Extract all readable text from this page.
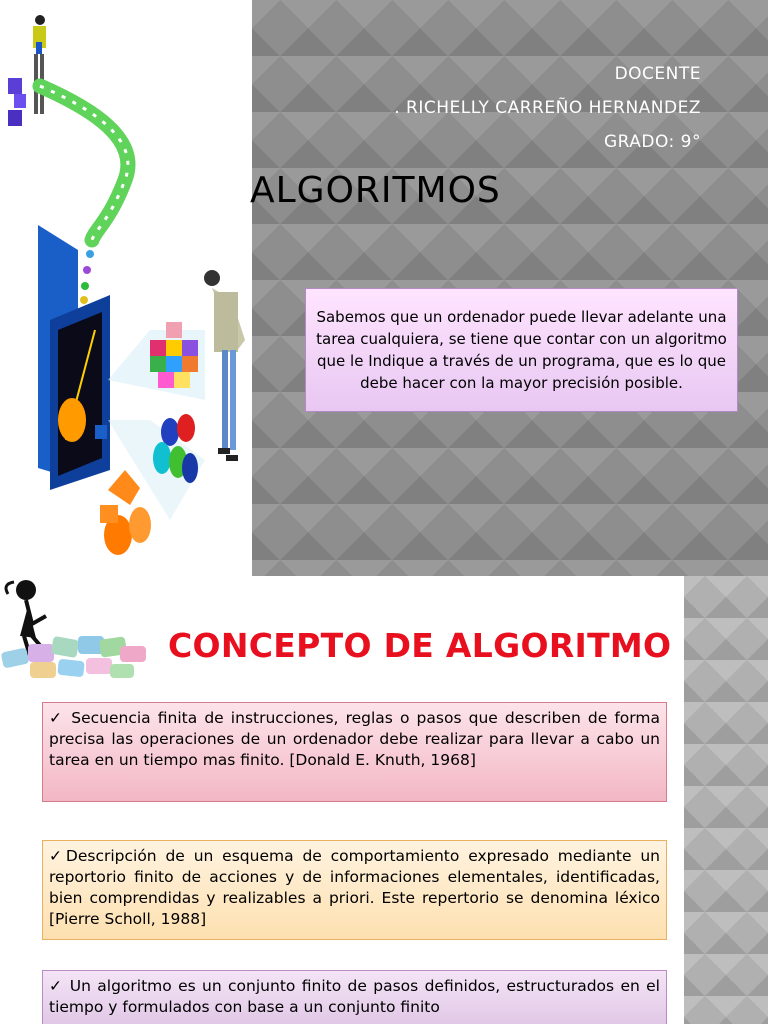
DOCENTE
. RICHELLY CARREÑO HERNANDEZ
GRADO: 9°
ALGORITMOS
Sabemos que un ordenador puede llevar adelante una tarea cualquiera, se tiene que contar con un algoritmo que le Indique a través de un programa, que es lo que debe hacer con la mayor precisión posible.
CONCEPTO DE ALGORITMO
✓ Secuencia finita de instrucciones, reglas o pasos que describen de forma precisa las operaciones de un ordenador debe realizar para llevar a cabo un tarea en un tiempo mas finito. [Donald E. Knuth, 1968]
✓Descripción de un esquema de comportamiento expresado mediante un reportorio finito de acciones y de informaciones elementales, identificadas, bien comprendidas y realizables a priori. Este repertorio se denomina léxico [Pierre Scholl, 1988]
✓ Un algoritmo es un conjunto finito de pasos definidos, estructurados en el tiempo y formulados con base a un conjunto finito
